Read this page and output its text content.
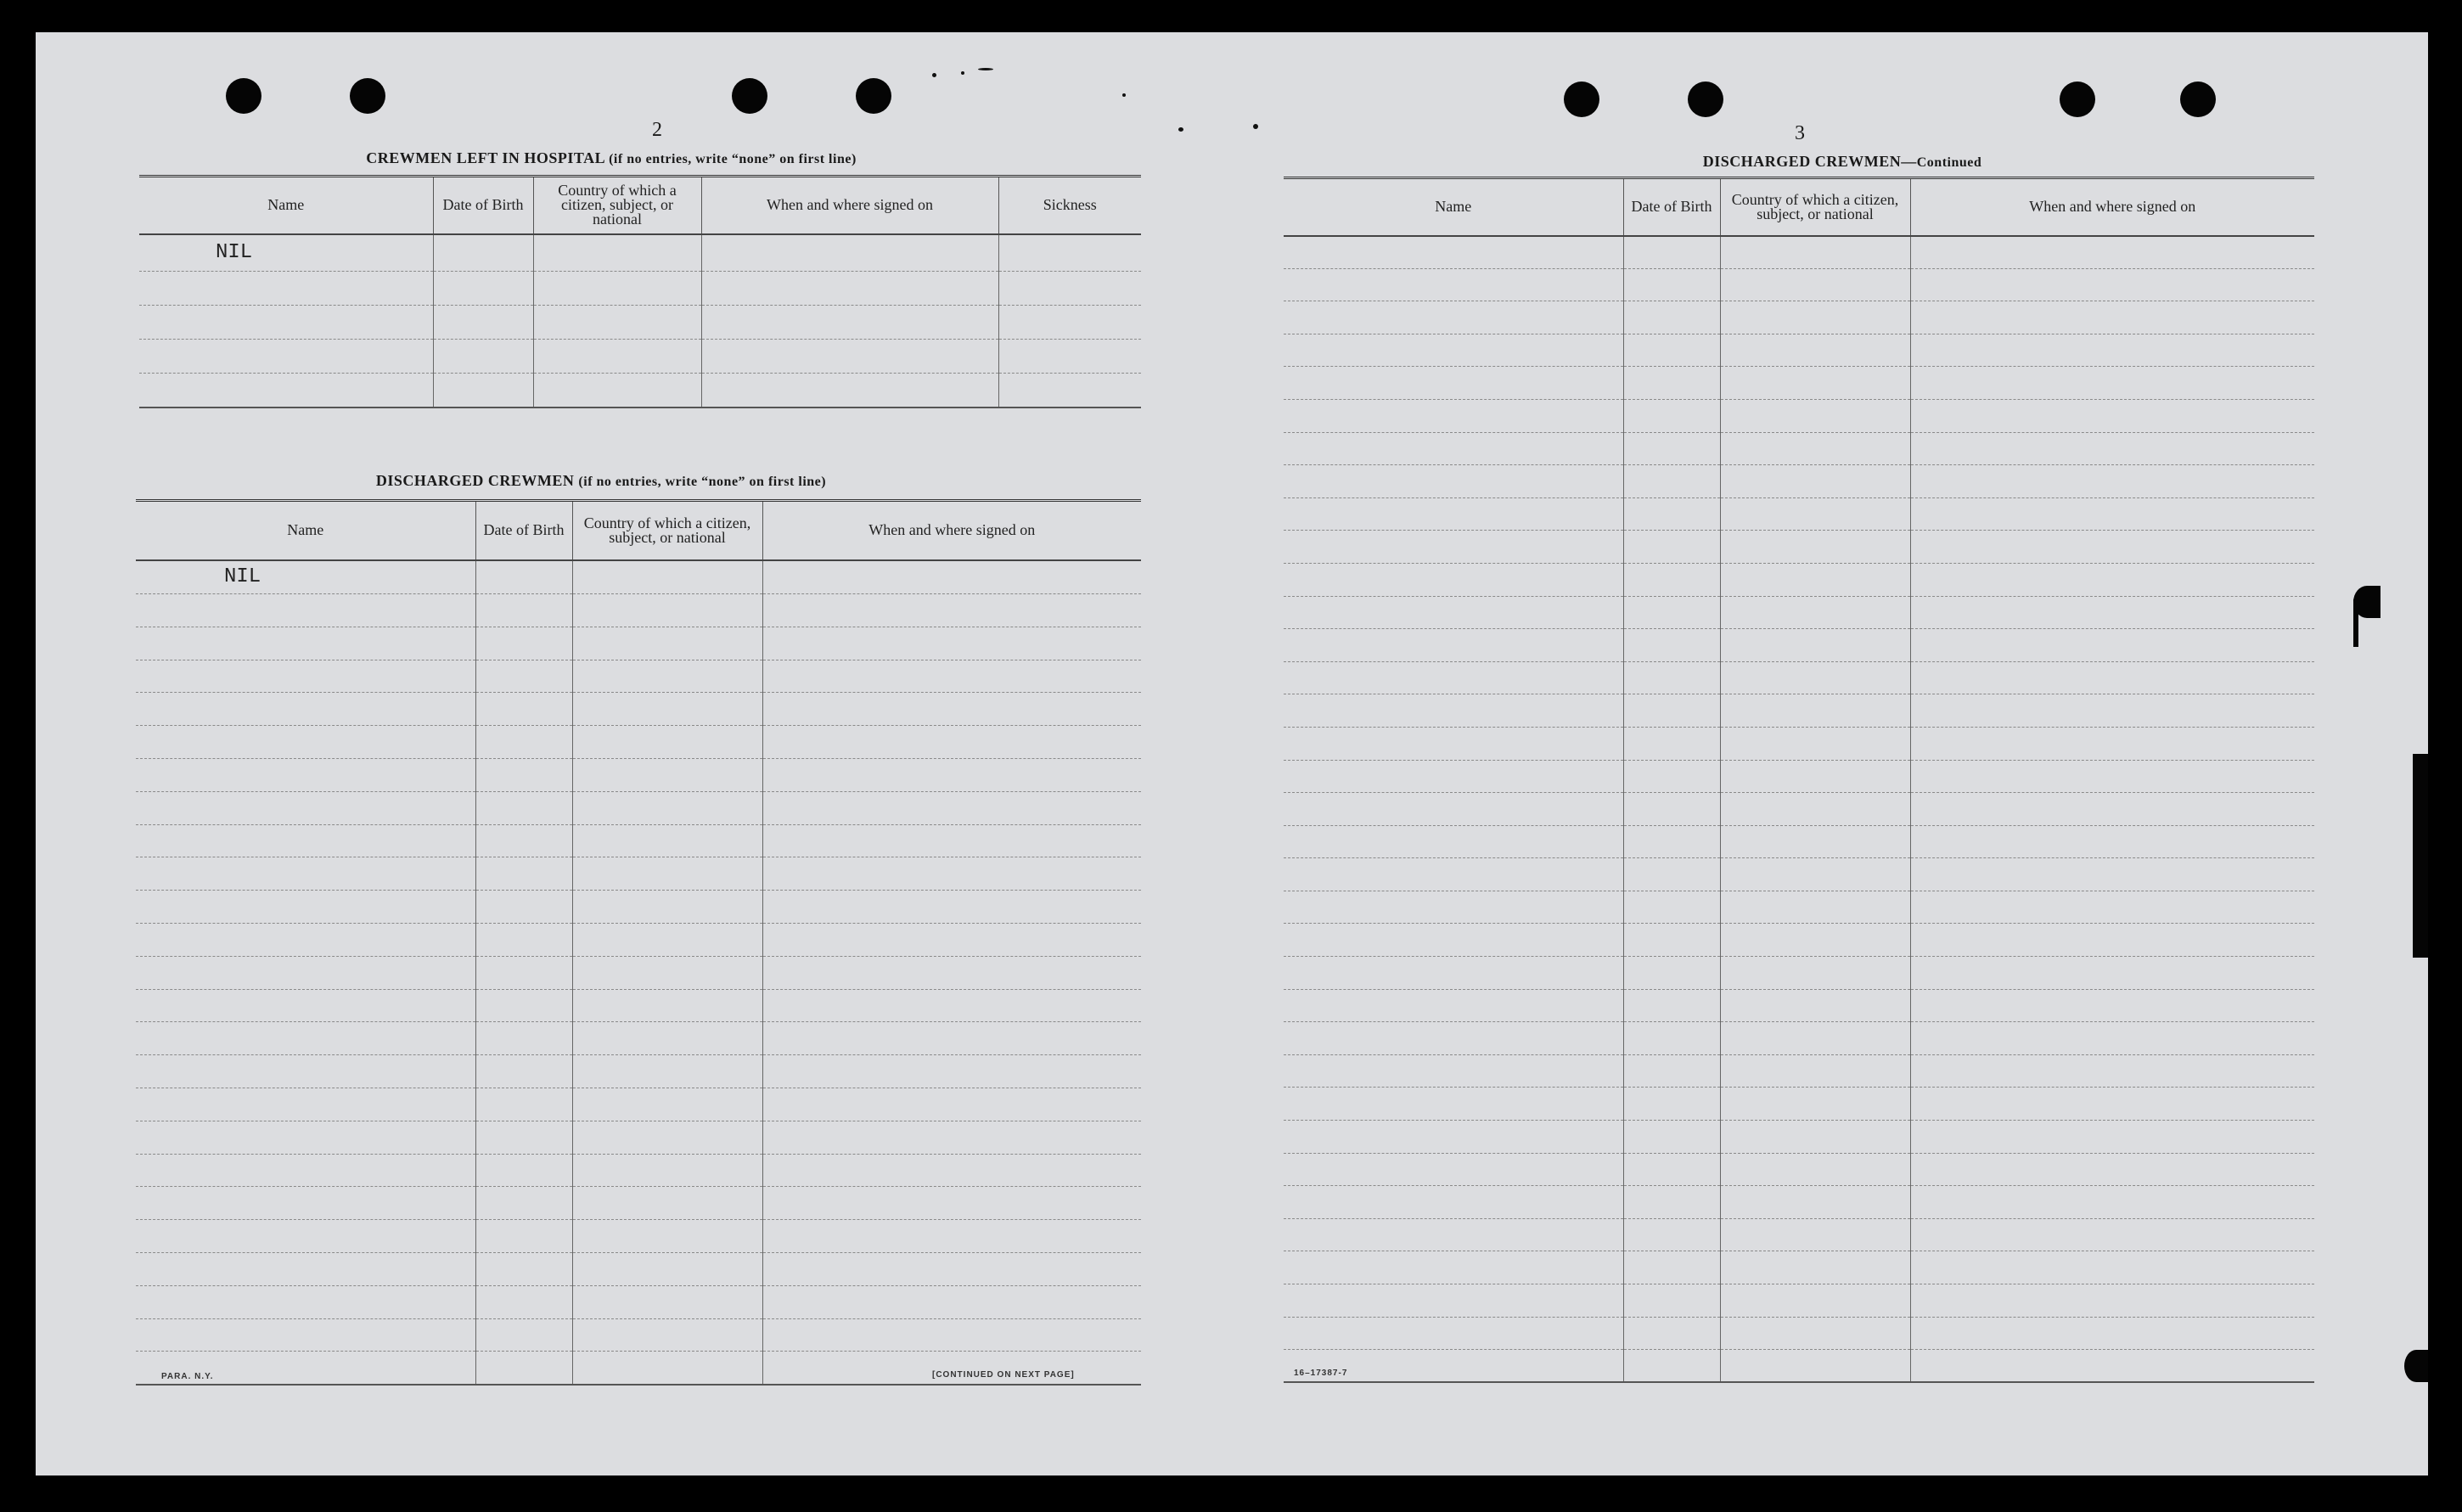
2
CREWMEN LEFT IN HOSPITAL (if no entries, write “none” on first line)
Name	Date of Birth	Country of which a citizen, subject, or national	When and where signed on	Sickness
NIL				

DISCHARGED CREWMEN (if no entries, write “none” on first line)
Name	Date of Birth	Country of which a citizen, subject, or national	When and where signed on
NIL			

PARA. N.Y.	[CONTINUED ON NEXT PAGE]
3
DISCHARGED CREWMEN—Continued
Name	Date of Birth	Country of which a citizen, subject, or national	When and where signed on

16–17387-7
